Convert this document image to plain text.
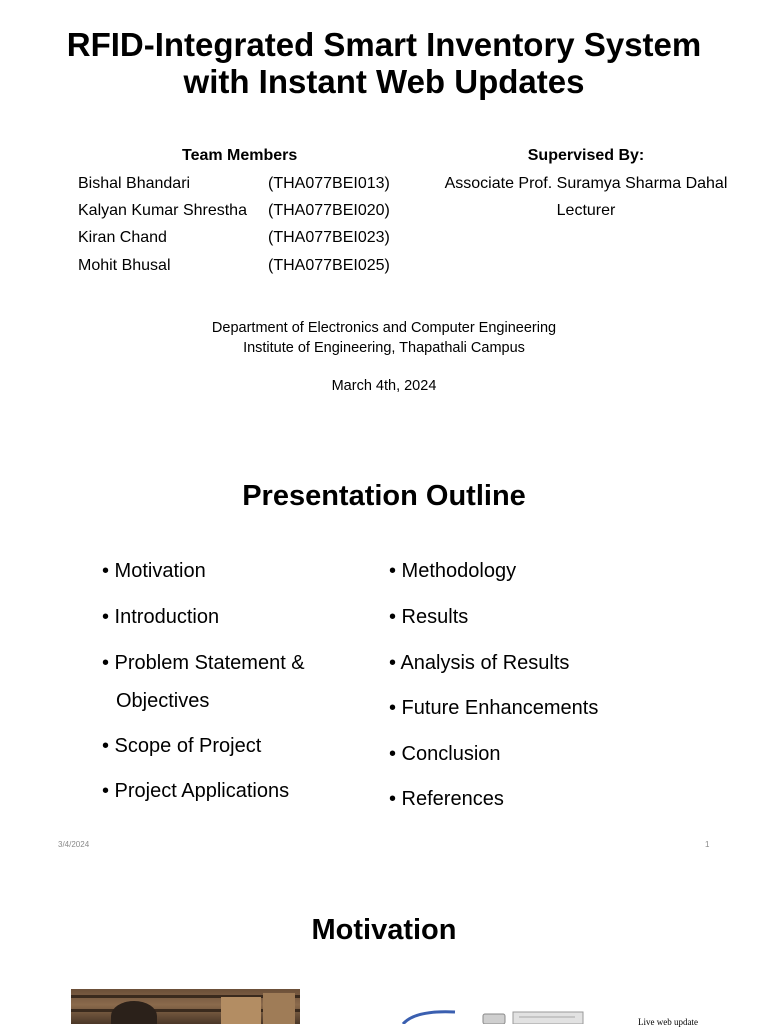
RFID-Integrated Smart Inventory System
with Instant Web Updates
Team Members
Bishal Bhandari	(THA077BEI013)
Kalyan Kumar Shrestha (THA077BEI020)
Kiran Chand	(THA077BEI023)
Mohit Bhusal	(THA077BEI025)
Supervised By:
Associate Prof. Suramya Sharma Dahal
Lecturer
Department of Electronics and Computer Engineering
Institute of Engineering, Thapathali Campus
March 4th, 2024
Presentation Outline
• Motivation
• Introduction
• Problem Statement &
Objectives
• Scope of Project
• Project Applications
• Methodology
• Results
• Analysis of Results
• Future Enhancements
• Conclusion
• References
3/4/2024	1
Motivation
Live web update
